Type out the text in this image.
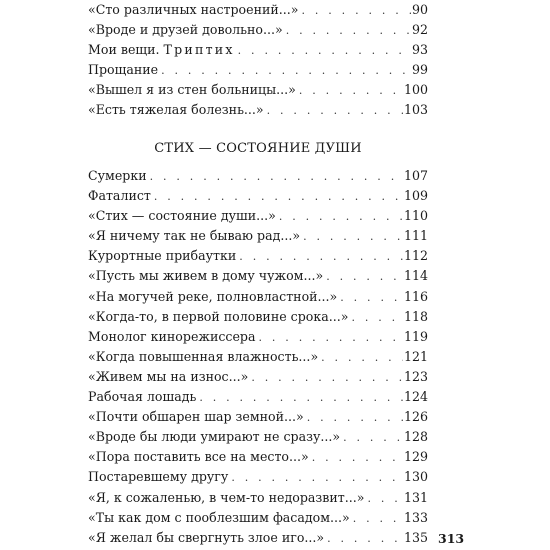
«Сто различных настроений...» . . .	90
«Вроде и друзей довольно...» . . .	92
Мои вещи. Триптих . . .	93
Прощание . . .	99
«Вышел я из стен больницы...» . . .	100
«Есть тяжелая болезнь...» . . .	103
СТИХ — СОСТОЯНИЕ ДУШИ
Сумерки . . .	107
Фаталист . . .	109
«Стих — состояние души...» . . .	110
«Я ничему так не бываю рад...» . . .	111
Курортные прибаутки . . .	112
«Пусть мы живем в дому чужом...» . . .	114
«На могучей реке, полновластной...» . . .	116
«Когда-то, в первой половине срока...» . . .	118
Монолог кинорежиссера . . .	119
«Когда повышенная влажность...» . . .	121
«Живем мы на износ...» . . .	123
Рабочая лошадь . . .	124
«Почти обшарен шар земной...» . . .	126
«Вроде бы люди умирают не сразу...» . . .	128
«Пора поставить все на место...» . . .	129
Постаревшему другу . . .	130
«Я, к сожаленью, в чем-то недоразвит...» . . .	131
«Ты как дом с пооблезшим фасадом...» . . .	133
«Я желал бы свергнуть злое иго...» . . .	135 313
